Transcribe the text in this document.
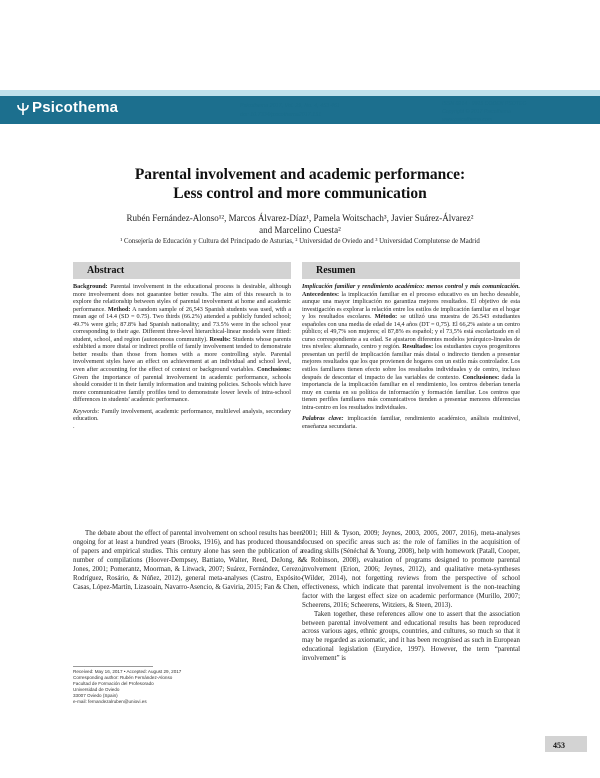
Psicothema	Psicothema 2017, Vol. 29, No. 4, 453-461
doi: 10.7334/psicothema2017.151
ISSN 0214 - 9915 CODEN PSOTEG
Copyright © 2017 Psicothema
www.psicothema.com
Parental involvement and academic performance:
Less control and more communication
Rubén Fernández-Alonso¹², Marcos Álvarez-Díaz¹, Pamela Woitschach³, Javier Suárez-Álvarez²
and Marcelino Cuesta²
¹ Consejería de Educación y Cultura del Principado de Asturias, ² Universidad de Oviedo and ³ Universidad Complutense de Madrid
Abstract
Background: Parental involvement in the educational process is desirable, although more involvement does not guarantee better results. The aim of this research is to explore the relationship between styles of parental involvement at home and academic performance. Method: A random sample of 26,543 Spanish students was used, with a mean age of 14.4 (SD = 0.75). Two thirds (66.2%) attended a publicly funded school; 49.7% were girls; 87.8% had Spanish nationality; and 73.5% were in the school year corresponding to their age. Different three-level hierarchical-linear models were fitted: student, school, and region (autonomous community). Results: Students whose parents exhibited a more distal or indirect profile of family involvement tended to demonstrate better results than those from homes with a more controlling style. Parental involvement styles have an effect on achievement at an individual and school level, even after accounting for the effect of context or background variables. Conclusions: Given the importance of parental involvement in academic performance, schools should consider it in their family information and training policies. Schools which have more communicative family profiles tend to demonstrate lower levels of intra-school differences in students' academic performance.
Keywords: Family involvement, academic performance, multilevel analysis, secondary education.
.
Resumen
Implicación familiar y rendimiento académico: menos control y más comunicación. Antecedentes: la implicación familiar en el proceso educativo es un hecho deseable, aunque una mayor implicación no garantiza mejores resultados. El objetivo de esta investigación es explorar la relación entre los estilos de implicación familiar en el hogar y los resultados escolares. Método: se utilizó una muestra de 26.543 estudiantes españoles con una media de edad de 14,4 años (DT = 0,75). El 66,2% asiste a un centro público; el 49,7% son mujeres; el 87,8% es español; y el 73,5% está escolarizado en el curso correspondiente a su edad. Se ajustaron diferentes modelos jerárquico-lineales de tres niveles: alumnado, centro y región. Resultados: los estudiantes cuyos progenitores presentan un perfil de implicación familiar más distal o indirecto tienden a presentar mejores resultados que los que provienen de hogares con un estilo más controlador. Los estilos familiares tienen efecto sobre los resultados individuales y de centro, incluso después de descontar el impacto de las variables de contexto. Conclusiones: dada la importancia de la implicación familiar en el rendimiento, los centros deberían tenerla muy en cuenta en su política de información y formación familiar. Los centros que tienen perfiles familiares más comunicativos tienden a presentar menores diferencias intra-centro en los resultados individuales.
Palabras clave: implicación familiar, rendimiento académico, análisis multinivel, enseñanza secundaria.
The debate about the effect of parental involvement on school results has been ongoing for at least a hundred years (Brooks, 1916), and has produced thousands of papers and empirical studies. This century alone has seen the publication of a number of compilations (Hoover-Dempsey, Battiato, Walter, Reed, DeJong, & Jones, 2001; Pomerantz, Moorman, & Litwack, 2007; Suárez, Fernández, Cerezo, Rodríguez, Rosário, & Núñez, 2012), general meta-analyses (Castro, Expósito-Casas, López-Martín, Lizasoain, Navarro-Asencio, & Gaviria, 2015; Fan & Chen,
2001; Hill & Tyson, 2009; Jeynes, 2003, 2005, 2007, 2016), meta-analyses focused on specific areas such as: the role of families in the acquisition of reading skills (Sénéchal & Young, 2008), help with homework (Patall, Cooper, & Robinson, 2008), evaluation of programs designed to promote parental involvement (Erion, 2006; Jeynes, 2012), and qualitative meta-syntheses (Wilder, 2014), not forgetting reviews from the perspective of school effectiveness, which indicate that parental involvement is the non-teaching factor with the largest effect size on academic performance (Murillo, 2007; Scheerens, 2016; Scheerens, Witziers, & Steen, 2013).
Taken together, these references allow one to assert that the association between parental involvement and educational results has been reproduced across various ages, ethnic groups, countries, and cultures, so much so that it may be regarded as axiomatic, and it has been recognised as such in European educational legislation (Eurydice, 1997). However, the term “parental involvement” is
Received: May 16, 2017 • Accepted: August 29, 2017
Corresponding author: Rubén Fernández-Alonso
Facultad de Formación del Profesorado
Universidad de Oviedo
33007 Oviedo (Spain)
e-mail: fernandezalruben@uniovi.es
453
